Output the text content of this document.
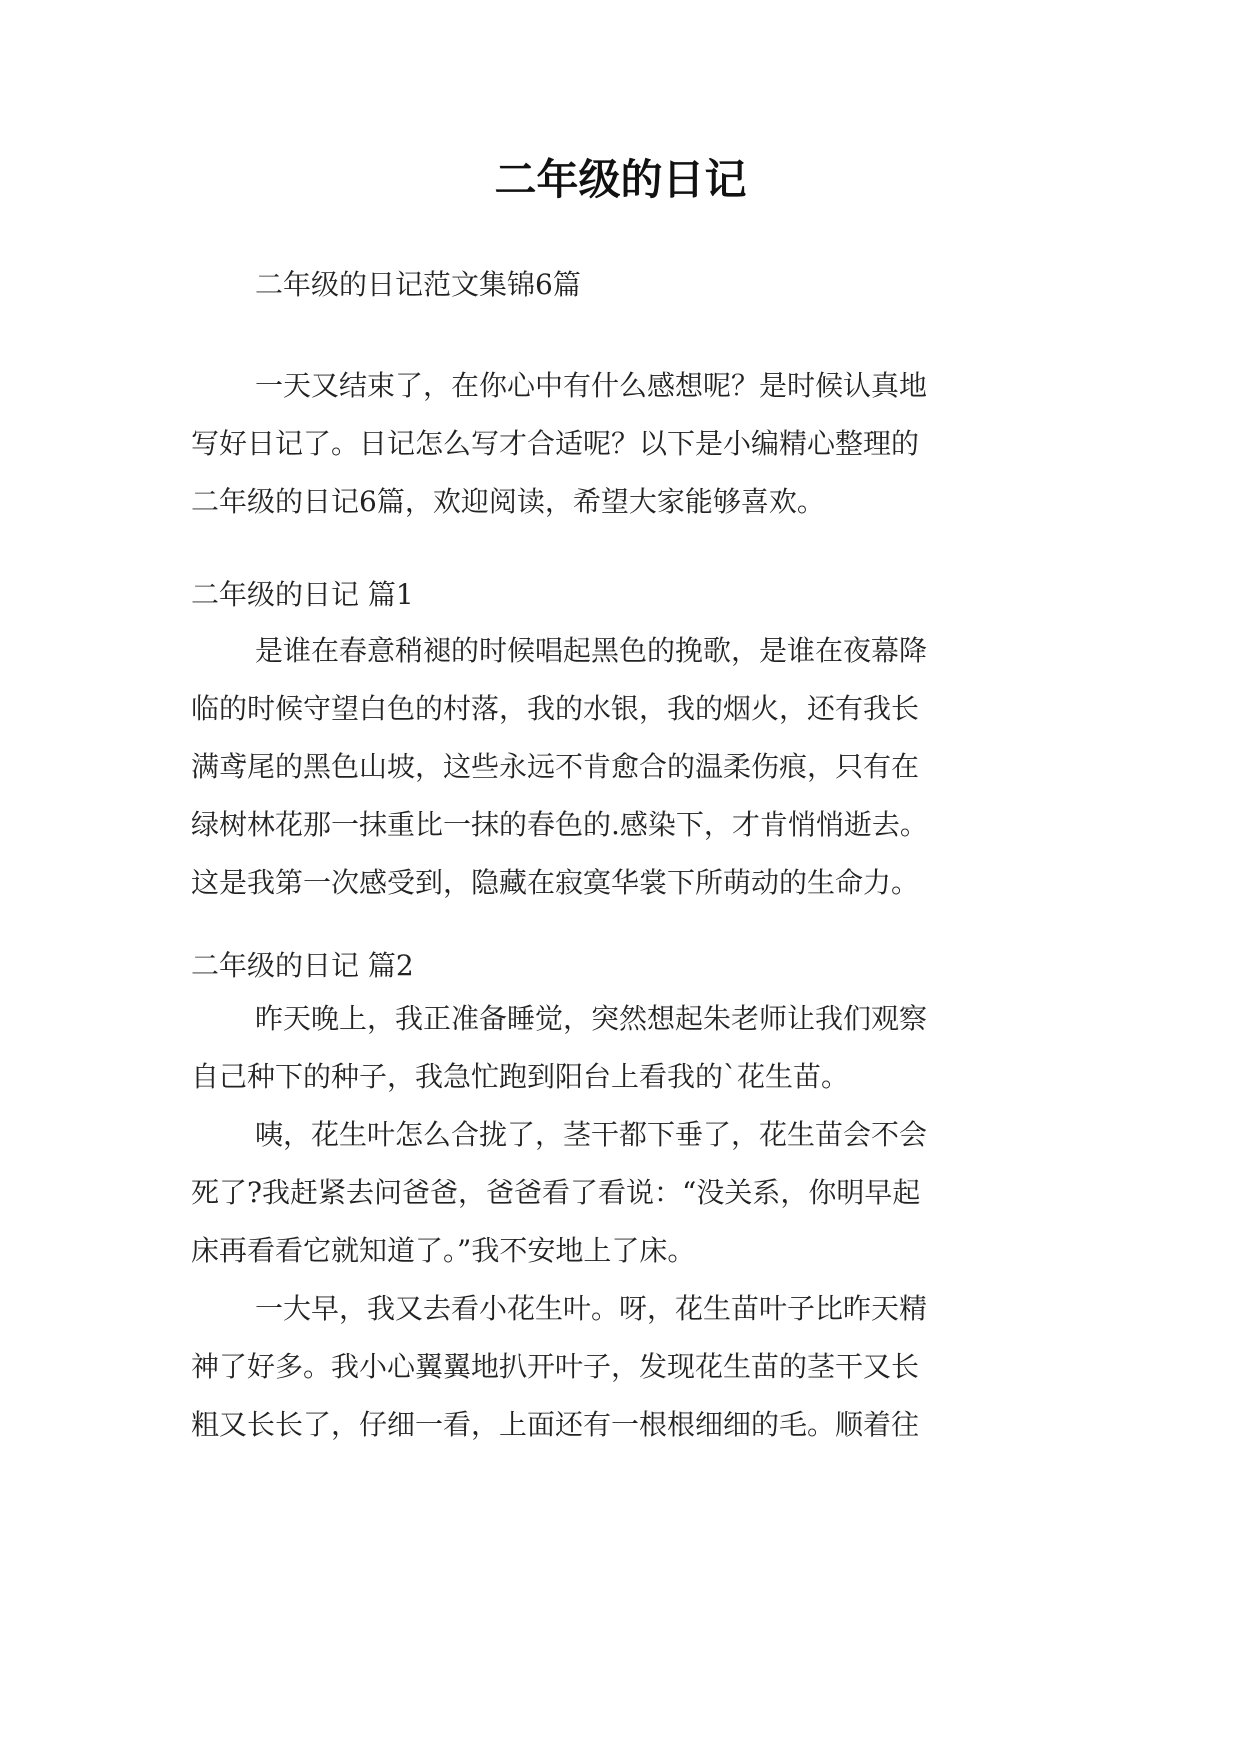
二年级的日记

二年级的日记范文集锦6篇

一天又结束了，在你心中有什么感想呢？是时候认真地
写好日记了。日记怎么写才合适呢？以下是小编精心整理的
二年级的日记6篇，欢迎阅读，希望大家能够喜欢。

二年级的日记 篇1

是谁在春意稍褪的时候唱起黑色的挽歌，是谁在夜幕降
临的时候守望白色的村落，我的水银，我的烟火，还有我长
满鸢尾的黑色山坡，这些永远不肯愈合的温柔伤痕，只有在
绿树林花那一抹重比一抹的春色的.感染下，才肯悄悄逝去。
这是我第一次感受到，隐藏在寂寞华裳下所萌动的生命力。

二年级的日记 篇2

昨天晚上，我正准备睡觉，突然想起朱老师让我们观察
自己种下的种子，我急忙跑到阳台上看我的`花生苗。

咦，花生叶怎么合拢了，茎干都下垂了，花生苗会不会
死了?我赶紧去问爸爸，爸爸看了看说：“没关系，你明早起
床再看看它就知道了。”我不安地上了床。

一大早，我又去看小花生叶。呀，花生苗叶子比昨天精
神了好多。我小心翼翼地扒开叶子，发现花生苗的茎干又长
粗又长长了，仔细一看，上面还有一根根细细的毛。顺着往
